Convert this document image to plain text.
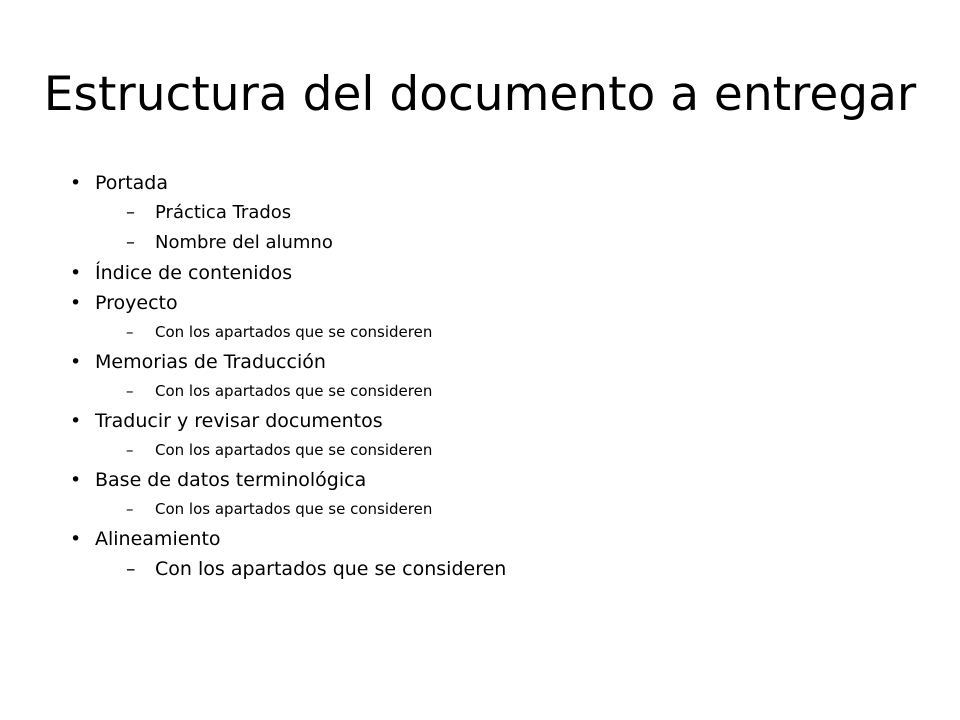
Estructura del documento a entregar
• Portada
–	Práctica Trados
–	Nombre del alumno
• Índice de contenidos
• Proyecto
–	Con los apartados que se consideren
• Memorias de Traducción
–	Con los apartados que se consideren
• Traducir y revisar documentos
–	Con los apartados que se consideren
• Base de datos terminológica
–	Con los apartados que se consideren
• Alineamiento
–	Con los apartados que se consideren
